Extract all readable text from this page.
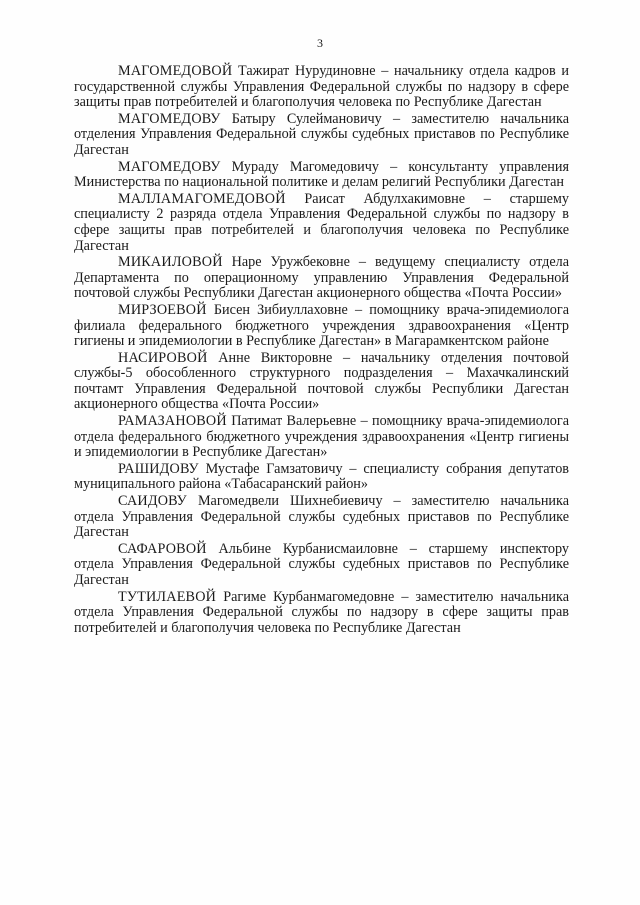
3

МАГОМЕДОВОЙ Тажират Нурудиновне – начальнику отдела кадров и государственной службы Управления Федеральной службы по надзору в сфере защиты прав потребителей и благополучия человека по Республике Дагестан

МАГОМЕДОВУ Батыру Сулеймановичу – заместителю начальника отделения Управления Федеральной службы судебных приставов по Республике Дагестан

МАГОМЕДОВУ Мураду Магомедовичу – консультанту управления Министерства по национальной политике и делам религий Республики Дагестан

МАЛЛАМАГОМЕДОВОЙ Раисат Абдулхакимовне – старшему специалисту 2 разряда отдела Управления Федеральной службы по надзору в сфере защиты прав потребителей и благополучия человека по Республике Дагестан

МИКАИЛОВОЙ Наре Уружбековне – ведущему специалисту отдела Департамента по операционному управлению Управления Федеральной почтовой службы Республики Дагестан акционерного общества «Почта России»

МИРЗОЕВОЙ Бисен Зибиуллаховне – помощнику врача-эпидемиолога филиала федерального бюджетного учреждения здравоохранения «Центр гигиены и эпидемиологии в Республике Дагестан» в Магарамкентском районе

НАСИРОВОЙ Анне Викторовне – начальнику отделения почтовой службы-5 обособленного структурного подразделения – Махачкалинский почтамт Управления Федеральной почтовой службы Республики Дагестан акционерного общества «Почта России»

РАМАЗАНОВОЙ Патимат Валерьевне – помощнику врача-эпидемиолога отдела федерального бюджетного учреждения здравоохранения «Центр гигиены и эпидемиологии в Республике Дагестан»

РАШИДОВУ Мустафе Гамзатовичу – специалисту собрания депутатов муниципального района «Табасаранский район»

САИДОВУ Магомедвели Шихнебиевичу – заместителю начальника отдела Управления Федеральной службы судебных приставов по Республике Дагестан

САФАРОВОЙ Альбине Курбанисмаиловне – старшему инспектору отдела Управления Федеральной службы судебных приставов по Республике Дагестан

ТУТИЛАЕВОЙ Рагиме Курбанмагомедовне – заместителю начальника отдела Управления Федеральной службы по надзору в сфере защиты прав потребителей и благополучия человека по Республике Дагестан
